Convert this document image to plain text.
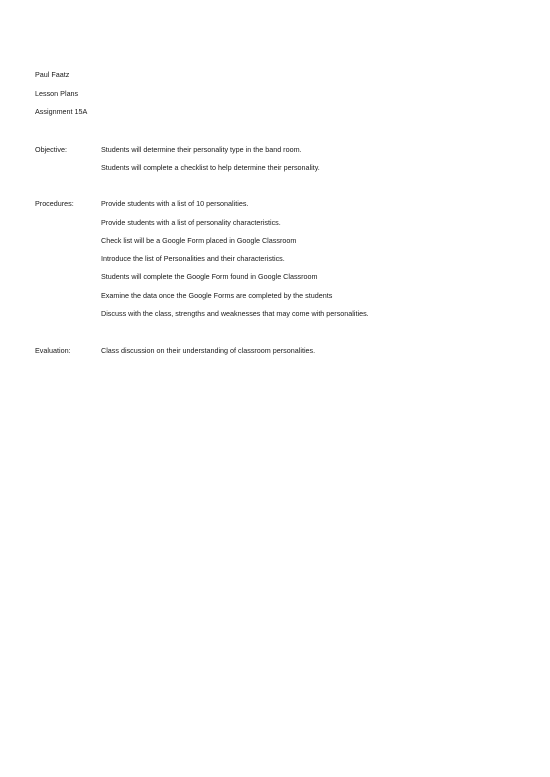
Paul Faatz
Lesson Plans
Assignment 15A
Objective:	Students will determine their personality type in the band room.
Students will complete a checklist to help determine their personality.
Procedures:	Provide students with a list of 10 personalities.
Provide students with a list of personality characteristics.
Check list will be a Google Form placed in Google Classroom
Introduce the list of Personalities and their characteristics.
Students will complete the Google Form found in Google Classroom
Examine the data once the Google Forms are completed by the students
Discuss with the class, strengths and weaknesses that may come with personalities.
Evaluation:	Class discussion on their understanding of classroom personalities.
